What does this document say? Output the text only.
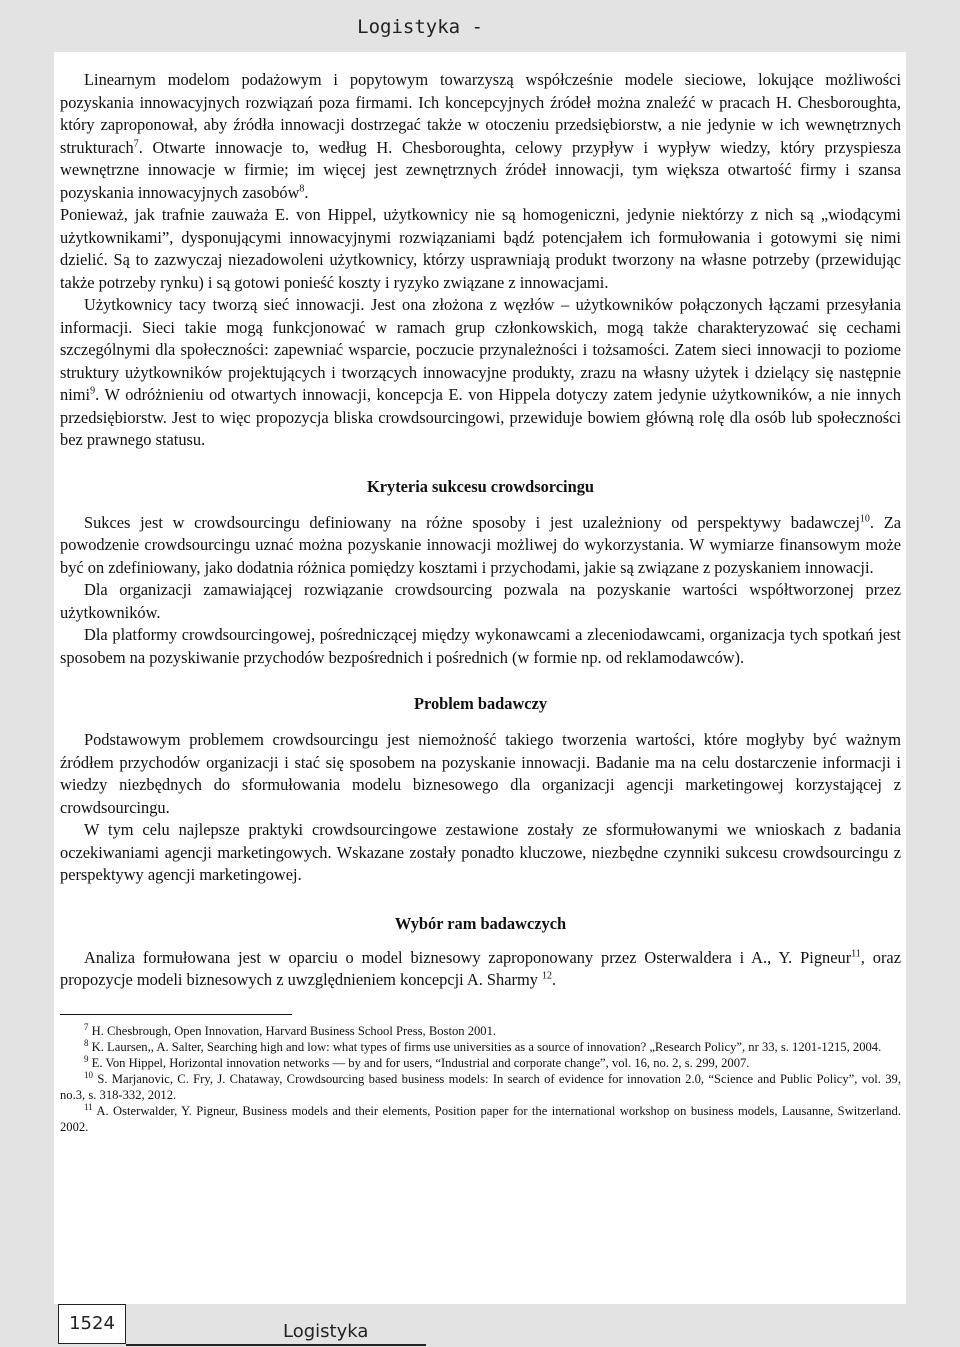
Logistyka -

Linearnym modelom podażowym i popytowym towarzyszą współcześnie modele sieciowe, lokujące możliwości pozyskania innowacyjnych rozwiązań poza firmami. Ich koncepcyjnych źródeł można znaleźć w pracach H. Chesboroughta, który zaproponował, aby źródła innowacji dostrzegać także w otoczeniu przedsiębiorstw, a nie jedynie w ich wewnętrznych strukturach$^7$. Otwarte innowacje to, według H. Chesboroughta, celowy przypływ i wypływ wiedzy, który przyspiesza wewnętrzne innowacje w firmie; im więcej jest zewnętrznych źródeł innowacji, tym większa otwartość firmy i szansa pozyskania innowacyjnych zasobów$^8$.

Ponieważ, jak trafnie zauważa E. von Hippel, użytkownicy nie są homogeniczni, jedynie niektórzy z nich są „wiodącymi użytkownikami”, dysponującymi innowacyjnymi rozwiązaniami bądź potencjałem ich formułowania i gotowymi się nimi dzielić. Są to zazwyczaj niezadowoleni użytkownicy, którzy usprawniają produkt tworzony na własne potrzeby (przewidując także potrzeby rynku) i są gotowi ponieść koszty i ryzyko związane z innowacjami.

Użytkownicy tacy tworzą sieć innowacji. Jest ona złożona z węzłów – użytkowników połączonych łączami przesyłania informacji. Sieci takie mogą funkcjonować w ramach grup członkowskich, mogą także charakteryzować się cechami szczególnymi dla społeczności: zapewniać wsparcie, poczucie przynależności i tożsamości. Zatem sieci innowacji to poziome struktury użytkowników projektujących i tworzących innowacyjne produkty, zrazu na własny użytek i dzielący się następnie nimi$^9$. W odróżnieniu od otwartych innowacji, koncepcja E. von Hippela dotyczy zatem jedynie użytkowników, a nie innych przedsiębiorstw. Jest to więc propozycja bliska crowdsourcingowi, przewiduje bowiem główną rolę dla osób lub społeczności bez prawnego statusu.

Kryteria sukcesu crowdsorcingu

Sukces jest w crowdsourcingu definiowany na różne sposoby i jest uzależniony od perspektywy badawczej$^{10}$. Za powodzenie crowdsourcingu uznać można pozyskanie innowacji możliwej do wykorzystania. W wymiarze finansowym może być on zdefiniowany, jako dodatnia różnica pomiędzy kosztami i przychodami, jakie są związane z pozyskaniem innowacji.

Dla organizacji zamawiającej rozwiązanie crowdsourcing pozwala na pozyskanie wartości współtworzonej przez użytkowników.

Dla platformy crowdsourcingowej, pośredniczącej między wykonawcami a zleceniodawcami, organizacja tych spotkań jest sposobem na pozyskiwanie przychodów bezpośrednich i pośrednich (w formie np. od reklamodawców).

Problem badawczy

Podstawowym problemem crowdsourcingu jest niemożność takiego tworzenia wartości, które mogłyby być ważnym źródłem przychodów organizacji i stać się sposobem na pozyskanie innowacji. Badanie ma na celu dostarczenie informacji i wiedzy niezbędnych do sformułowania modelu biznesowego dla organizacji agencji marketingowej korzystającej z crowdsourcingu.

W tym celu najlepsze praktyki crowdsourcingowe zestawione zostały ze sformułowanymi we wnioskach z badania oczekiwaniami agencji marketingowych. Wskazane zostały ponadto kluczowe, niezbędne czynniki sukcesu crowdsourcingu z perspektywy agencji marketingowej.

Wybór ram badawczych

Analiza formułowana jest w oparciu o model biznesowy zaproponowany przez Osterwaldera i A., Y. Pigneur$^{11}$, oraz propozycje modeli biznesowych z uwzględnieniem koncepcji A. Sharmy $^{12}$.

$^7$ H. Chesbrough, Open Innovation, Harvard Business School Press, Boston 2001.

$^8$ K. Laursen,, A. Salter, Searching high and low: what types of firms use universities as a source of innovation? „Research Policy”, nr 33, s. 1201-1215, 2004.

$^9$ E. Von Hippel, Horizontal innovation networks — by and for users, “Industrial and corporate change”, vol. 16, no. 2, s. 299, 2007.

$^{10}$ S. Marjanovic, C. Fry, J. Chataway, Crowdsourcing based business models: In search of evidence for innovation 2.0, “Science and Public Policy”, vol. 39, no.3, s. 318-332, 2012.

$^{11}$ A. Osterwalder, Y. Pigneur, Business models and their elements, Position paper for the international workshop on business models, Lausanne, Switzerland. 2002.

1524	Logistyka
